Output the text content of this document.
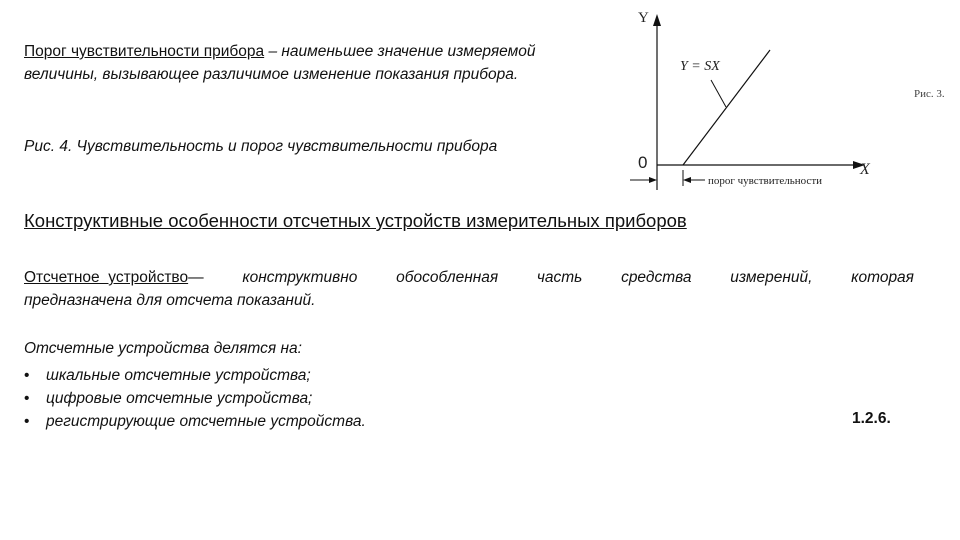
Порог чувствительности прибора – наименьшее значение измеряемой величины, вызывающее различимое изменение показания прибора.
Рис. 4. Чувствительность и порог чувствительности прибора
Y
X
0
Y = SX
порог чувствительности
Рис. 3.
Конструктивные особенности отсчетных устройств измерительных приборов
Отсчетное  устройство— конструктивно обособленная часть средства измерений, которая
предназначена для отсчета показаний.
Отсчетные устройства делятся на:
• шкальные отсчетные устройства;
• цифровые отсчетные устройства;
• регистрирующие отсчетные устройства.	1.2.6.
